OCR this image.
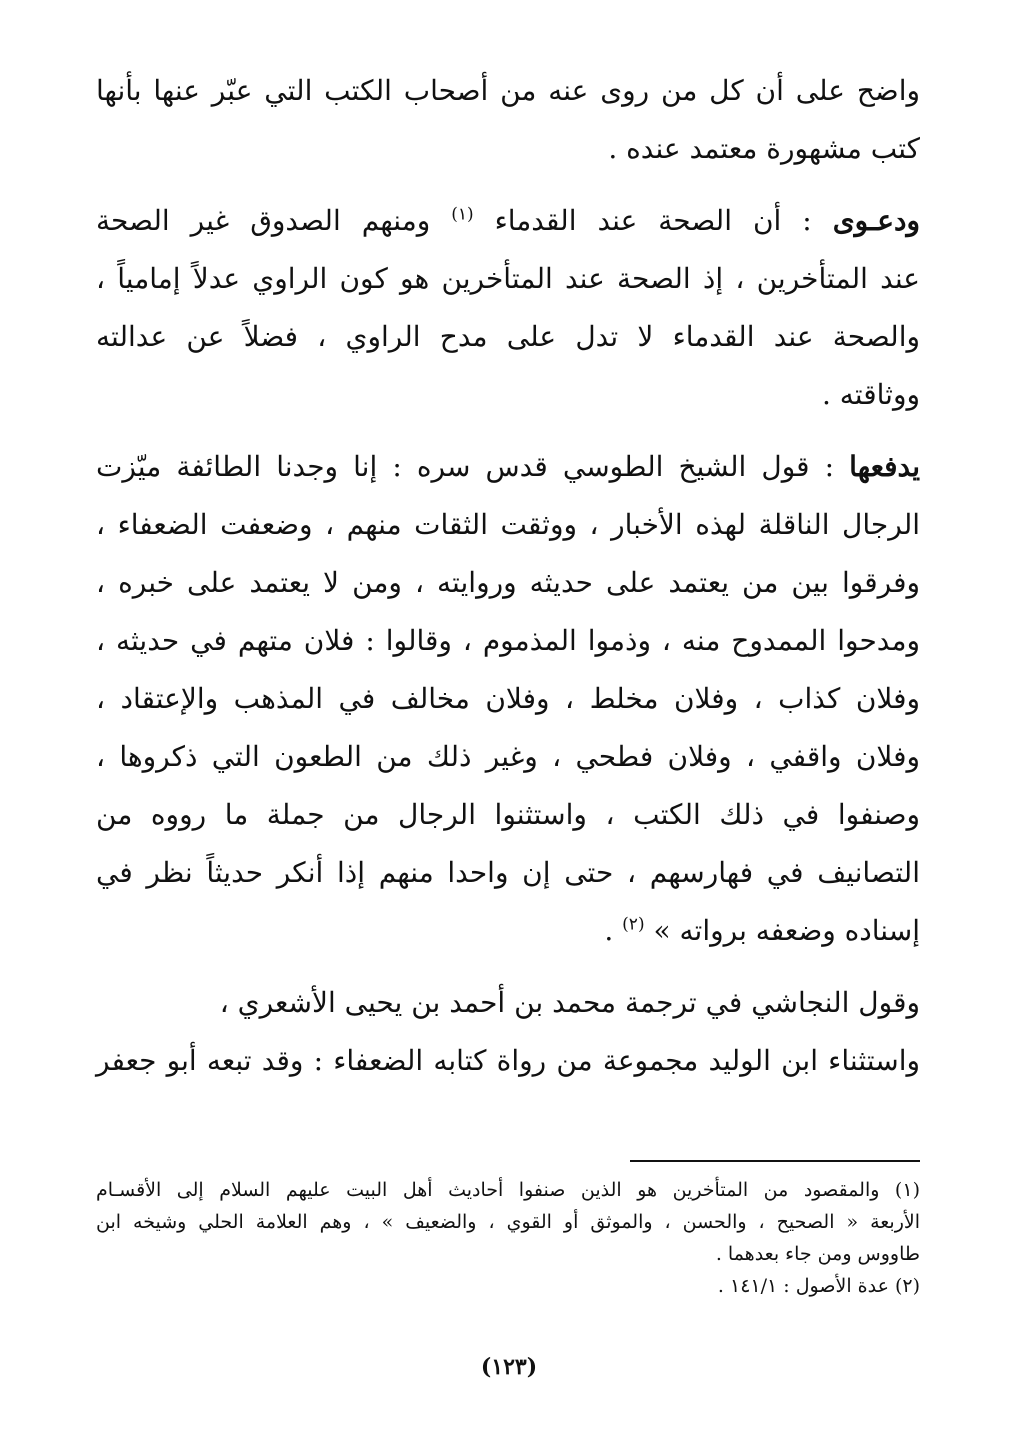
واضح على أن كل من روى عنه من أصحاب الكتب التي عبّر عنها بأنها
كتب مشهورة معتمد عنده .

ودعـوى : أن الصحة عند القدماء $^{(١)}$ ومنهم الصدوق غير الصحة
عند المتأخرين ، إذ الصحة عند المتأخرين هو كون الراوي عدلاً إمامياً ،
والصحة عند القدماء لا تدل على مدح الراوي ، فضلاً عن عدالته
ووثاقته .

يدفعها : قول الشيخ الطوسي قدس سره : إنا وجدنا الطائفة ميّزت
الرجال الناقلة لهذه الأخبار ، ووثقت الثقات منهم ، وضعفت الضعفاء ،
وفرقوا بين من يعتمد على حديثه وروايته ، ومن لا يعتمد على خبره ،
ومدحوا الممدوح منه ، وذموا المذموم ، وقالوا : فلان متهم في حديثه ،
وفلان كذاب ، وفلان مخلط ، وفلان مخالف في المذهب والإعتقاد ،
وفلان واقفي ، وفلان فطحي ، وغير ذلك من الطعون التي ذكروها ،
وصنفوا في ذلك الكتب ، واستثنوا الرجال من جملة ما رووه من
التصانيف في فهارسهم ، حتى إن واحدا منهم إذا أنكر حديثاً نظر في
إسناده وضعفه برواته » $^{(٢)}$ .

وقول النجاشي في ترجمة محمد بن أحمد بن يحيى الأشعري ،
واستثناء ابن الوليد مجموعة من رواة كتابه الضعفاء : وقد تبعه أبو جعفر

(١) والمقصود من المتأخرين هو الذين صنفوا أحاديث أهل البيت عليهم السلام إلى الأقسـام
الأربعة « الصحيح ، والحسن ، والموثق أو القوي ، والضعيف » ، وهم العلامة الحلي وشيخه ابن
طاووس ومن جاء بعدهما .
(٢) عدة الأصول : ١٤١/١ .
(١٢٣)
